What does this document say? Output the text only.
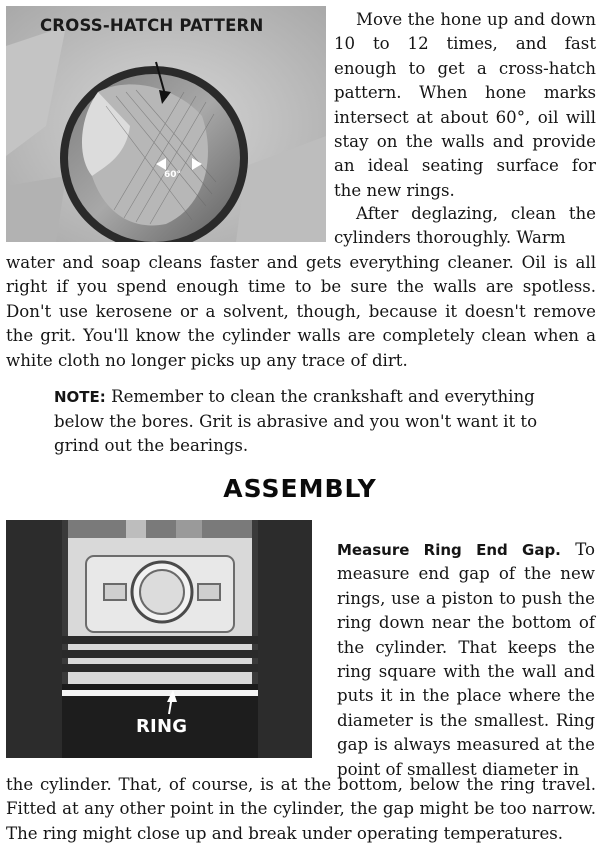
CROSS-HATCH PATTERN
60°

Move the hone up and down 10 to 12 times, and fast enough to get a cross-hatch pattern. When hone marks intersect at about 60°, oil will stay on the walls and provide an ideal seating surface for the new rings.

After deglazing, clean the cylinders thoroughly. Warm

water and soap cleans faster and gets everything cleaner. Oil is all right if you spend enough time to be sure the walls are spotless. Don't use kerosene or a solvent, though, because it doesn't remove the grit. You'll know the cylinder walls are completely clean when a white cloth no longer picks up any trace of dirt.

NOTE: Remember to clean the crankshaft and everything below the bores. Grit is abrasive and you won't want it to grind out the bearings.

ASSEMBLY
RING

Measure Ring End Gap. To measure end gap of the new rings, use a piston to push the ring down near the bottom of the cylinder. That keeps the ring square with the wall and puts it in the place where the diameter is the smallest. Ring gap is always measured at the point of smallest diameter in

the cylinder. That, of course, is at the bottom, below the ring travel. Fitted at any other point in the cylinder, the gap might be too narrow. The ring might close up and break under operating temperatures.
